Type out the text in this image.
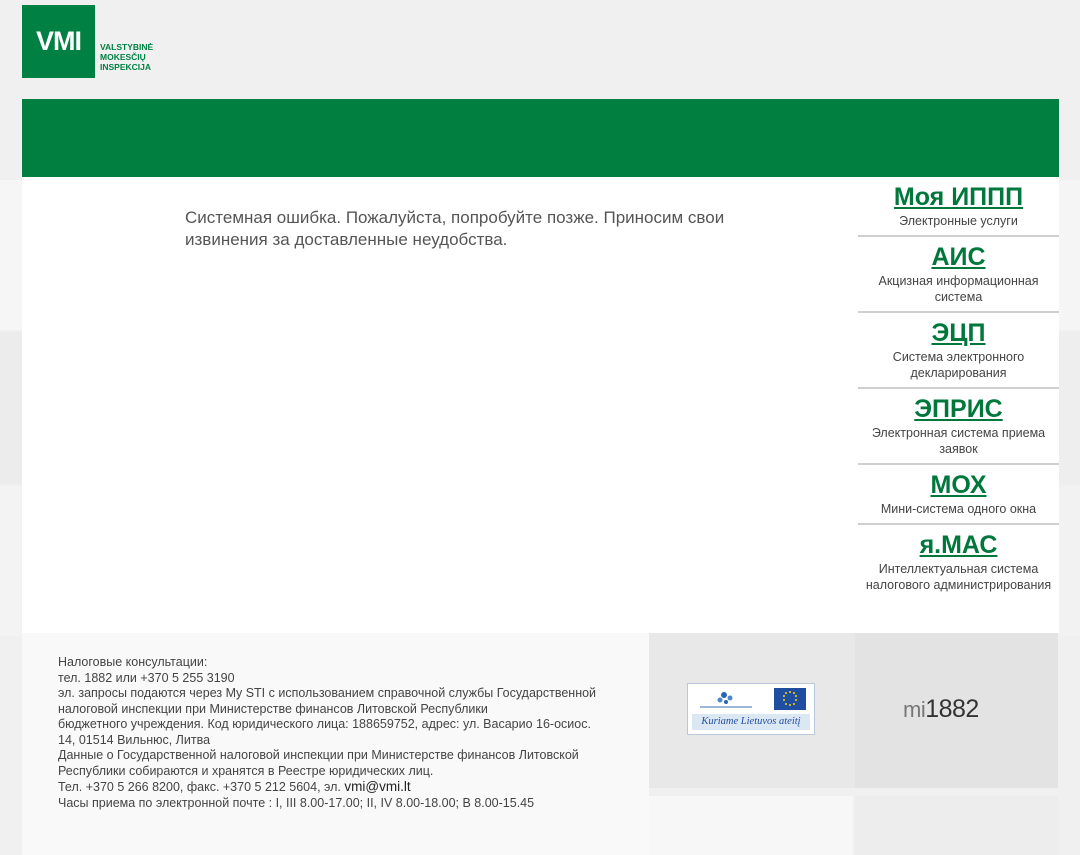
VMI VALSTYBINĖ
MOKESČIŲ
INSPEKCIJA
Системная ошибка. Пожалуйста, попробуйте позже. Приносим свои извинения за доставленные неудобства.
Моя ИППП
Электронные услуги
АИС
Акцизная информационная система
ЭЦП
Система электронного декларирования
ЭПРИС
Электронная система приема заявок
МОХ
Мини-система одного окна
я.МАС
Интеллектуальная система налогового администрирования
Налоговые консультации:
тел. 1882 или +370 5 255 3190
эл. запросы подаются через My STI с использованием справочной службы Государственной налоговой инспекции при Министерстве финансов Литовской Республики
бюджетного учреждения. Код юридического лица: 188659752, адрес: ул. Васарио 16-осиос. 14, 01514 Вильнюс, Литва
Данные о Государственной налоговой инспекции при Министерстве финансов Литовской Республики собираются и хранятся в Реестре юридических лиц.
Тел. +370 5 266 8200, факс. +370 5 212 5604, эл. vmi@vmi.lt
Часы приема по электронной почте : I, III 8.00-17.00; II, IV 8.00-18.00; В 8.00-15.45
Kuriame Lietuvos ateitį	mi1882
